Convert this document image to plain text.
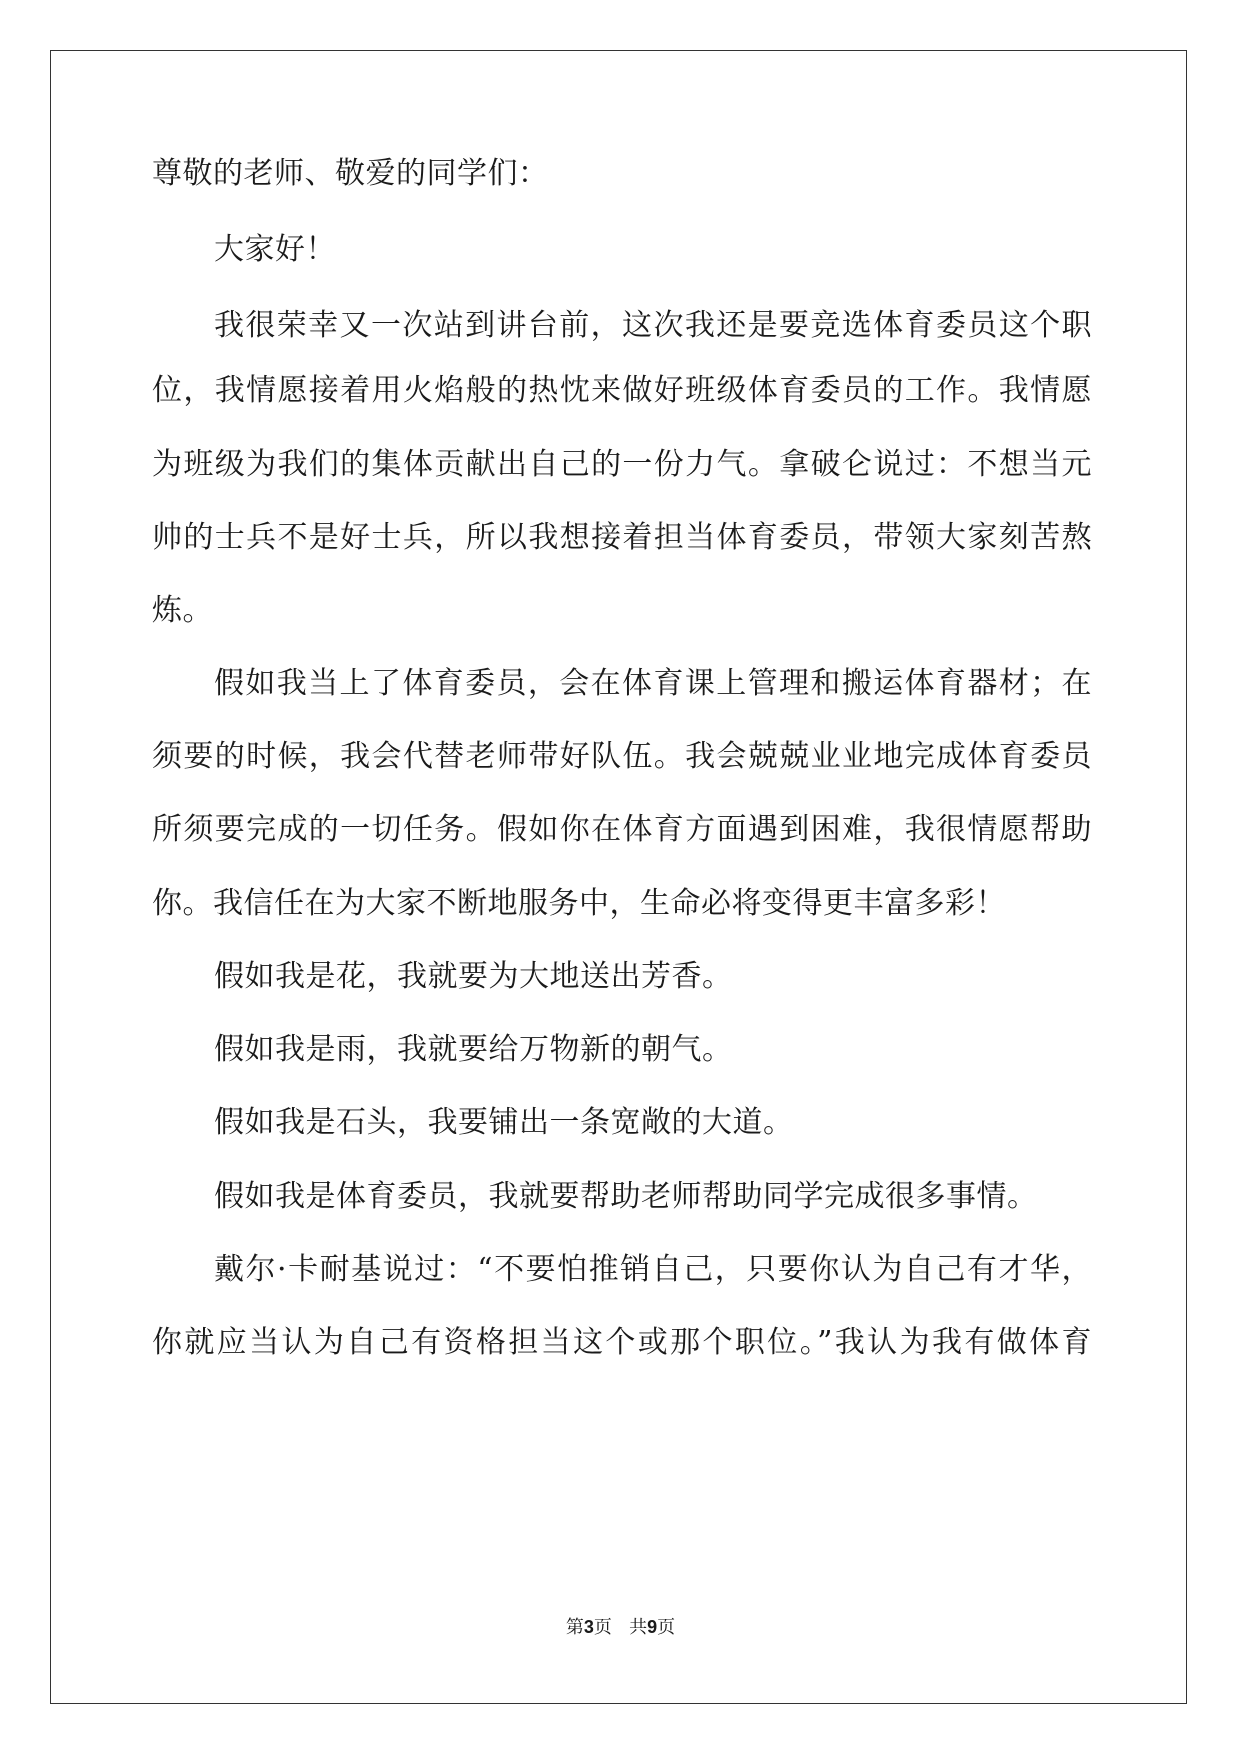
尊敬的老师、敬爱的同学们：

大家好！

我很荣幸又一次站到讲台前，这次我还是要竞选体育委员这个职

位，我情愿接着用火焰般的热忱来做好班级体育委员的工作。我情愿

为班级为我们的集体贡献出自己的一份力气。拿破仑说过：不想当元

帅的士兵不是好士兵，所以我想接着担当体育委员，带领大家刻苦熬

炼。

假如我当上了体育委员，会在体育课上管理和搬运体育器材；在

须要的时候，我会代替老师带好队伍。我会兢兢业业地完成体育委员

所须要完成的一切任务。假如你在体育方面遇到困难，我很情愿帮助

你。我信任在为大家不断地服务中，生命必将变得更丰富多彩！

假如我是花，我就要为大地送出芳香。

假如我是雨，我就要给万物新的朝气。

假如我是石头，我要铺出一条宽敞的大道。

假如我是体育委员，我就要帮助老师帮助同学完成很多事情。

戴尔·卡耐基说过：“不要怕推销自己，只要你认为自己有才华，

你就应当认为自己有资格担当这个或那个职位。”我认为我有做体育

第3页 共9页
